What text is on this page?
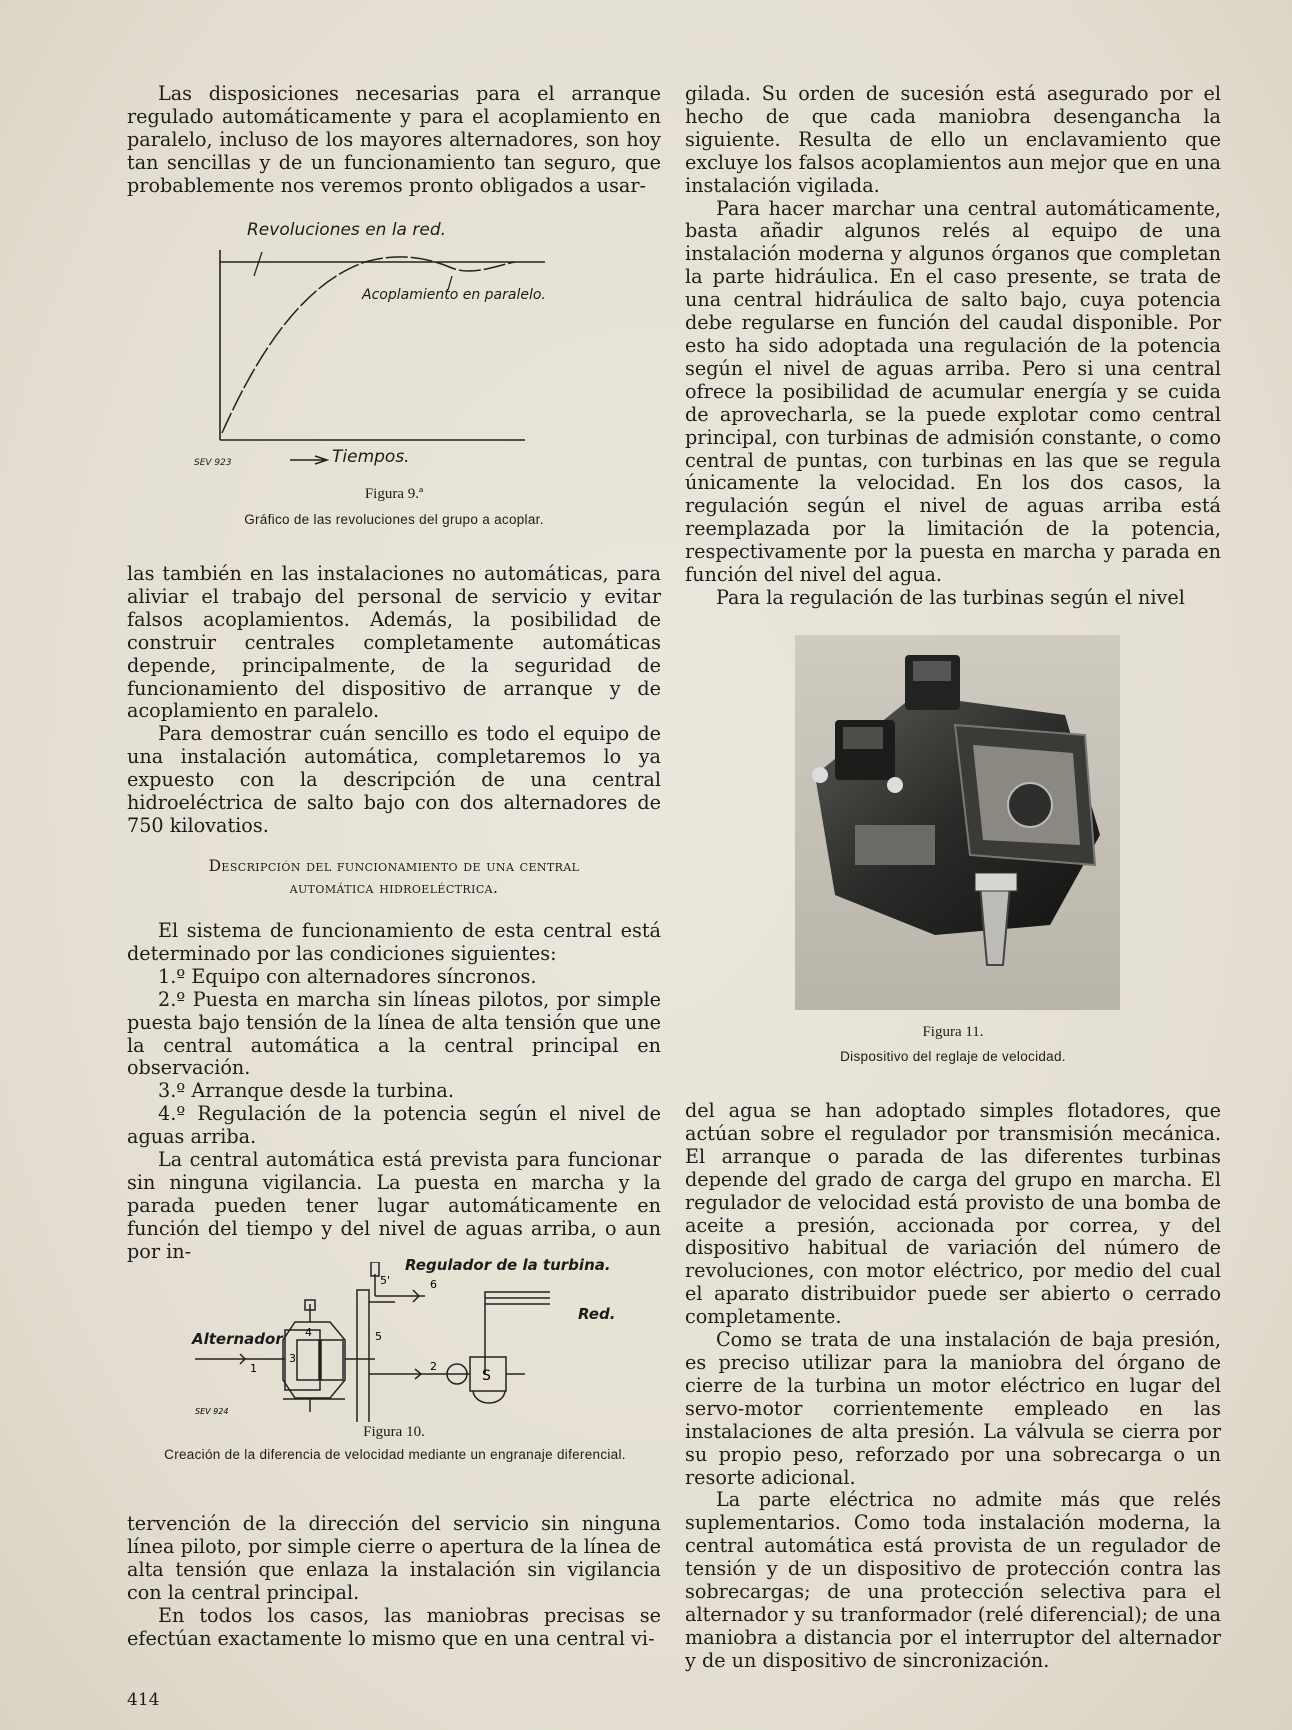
Las disposiciones necesarias para el arranque regulado automáticamente y para el acoplamiento en paralelo, incluso de los mayores alternadores, son hoy tan sencillas y de un funcionamiento tan seguro, que probablemente nos veremos pronto obligados a usar-

Revoluciones en la red.
Acoplamiento en paralelo.
Tiempos.
SEV 923
Figura 9.ª
Gráfico de las revoluciones del grupo a acoplar.

las también en las instalaciones no automáticas, para aliviar el trabajo del personal de servicio y evitar falsos acoplamientos. Además, la posibilidad de construir centrales completamente automáticas depende, principalmente, de la seguridad de funcionamiento del dispositivo de arranque y de acoplamiento en paralelo.

Para demostrar cuán sencillo es todo el equipo de una instalación automática, completaremos lo ya expuesto con la descripción de una central hidroeléctrica de salto bajo con dos alternadores de 750 kilovatios.

Descripción del funcionamiento de una central
automática hidroeléctrica.

El sistema de funcionamiento de esta central está determinado por las condiciones siguientes:

1.º Equipo con alternadores síncronos.

2.º Puesta en marcha sin líneas pilotos, por simple puesta bajo tensión de la línea de alta tensión que une la central automática a la central principal en observación.

3.º Arranque desde la turbina.

4.º Regulación de la potencia según el nivel de aguas arriba.

La central automática está prevista para funcionar sin ninguna vigilancia. La puesta en marcha y la parada pueden tener lugar automáticamente en función del tiempo y del nivel de aguas arriba, o aun por in-

5'	6
1
4
3
5
2
S
SEV 924
Regulador de la turbina.
Red.
Alternador
Figura 10.
Creación de la diferencia de velocidad mediante un engranaje diferencial.

tervención de la dirección del servicio sin ninguna línea piloto, por simple cierre o apertura de la línea de alta tensión que enlaza la instalación sin vigilancia con la central principal.

En todos los casos, las maniobras precisas se efectúan exactamente lo mismo que en una central vi-

414

gilada. Su orden de sucesión está asegurado por el hecho de que cada maniobra desengancha la siguiente. Resulta de ello un enclavamiento que excluye los falsos acoplamientos aun mejor que en una instalación vigilada.

Para hacer marchar una central automáticamente, basta añadir algunos relés al equipo de una instalación moderna y algunos órganos que completan la parte hidráulica. En el caso presente, se trata de una central hidráulica de salto bajo, cuya potencia debe regularse en función del caudal disponible. Por esto ha sido adoptada una regulación de la potencia según el nivel de aguas arriba. Pero si una central ofrece la posibilidad de acumular energía y se cuida de aprovecharla, se la puede explotar como central principal, con turbinas de admisión constante, o como central de puntas, con turbinas en las que se regula únicamente la velocidad. En los dos casos, la regulación según el nivel de aguas arriba está reemplazada por la limitación de la potencia, respectivamente por la puesta en marcha y parada en función del nivel del agua.

Para la regulación de las turbinas según el nivel

Figura 11.
Dispositivo del reglaje de velocidad.

del agua se han adoptado simples flotadores, que actúan sobre el regulador por transmisión mecánica. El arranque o parada de las diferentes turbinas depende del grado de carga del grupo en marcha. El regulador de velocidad está provisto de una bomba de aceite a presión, accionada por correa, y del dispositivo habitual de variación del número de revoluciones, con motor eléctrico, por medio del cual el aparato distribuidor puede ser abierto o cerrado completamente.

Como se trata de una instalación de baja presión, es preciso utilizar para la maniobra del órgano de cierre de la turbina un motor eléctrico en lugar del servo-motor corrientemente empleado en las instalaciones de alta presión. La válvula se cierra por su propio peso, reforzado por una sobrecarga o un resorte adicional.

La parte eléctrica no admite más que relés suplementarios. Como toda instalación moderna, la central automática está provista de un regulador de tensión y de un dispositivo de protección contra las sobrecargas; de una protección selectiva para el alternador y su tranformador (relé diferencial); de una maniobra a distancia por el interruptor del alternador y de un dispositivo de sincronización.
